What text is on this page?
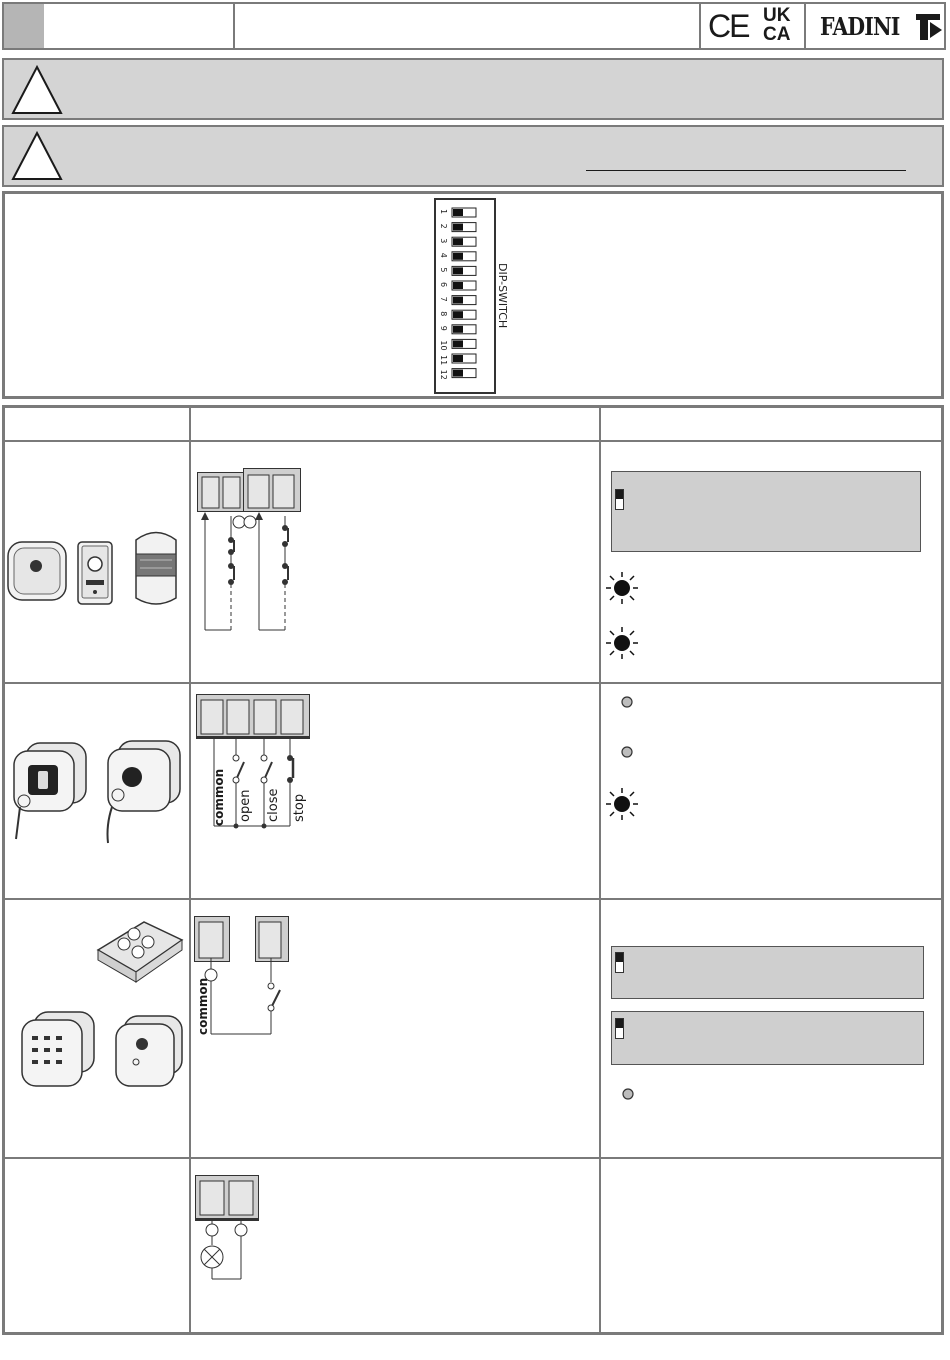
CE UK
CA FADINI
1
2
3
4
5
6
7
8
9
10
11
12
DIP-SWITCH
common open close stop
common
